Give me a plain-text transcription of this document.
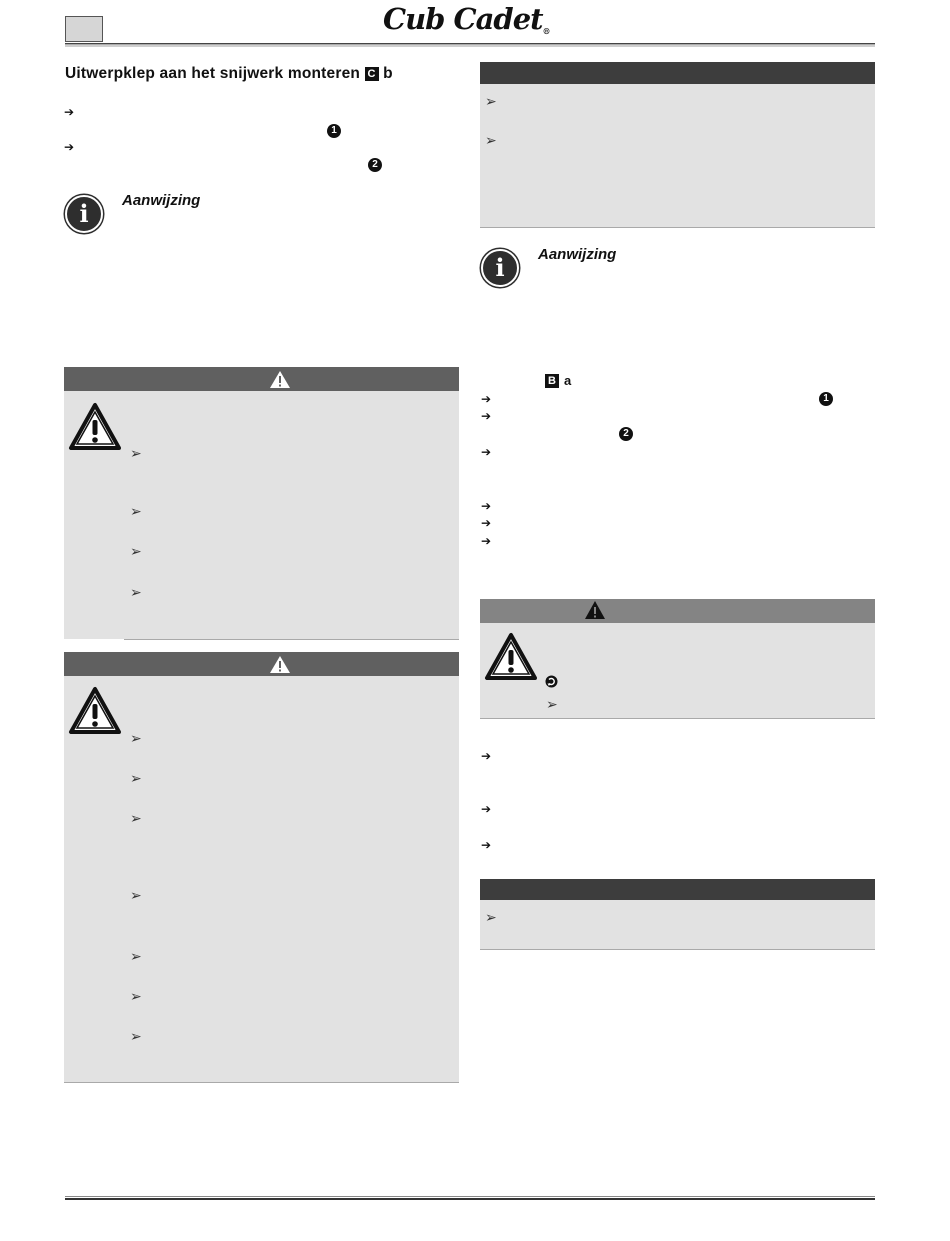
Cub Cadet®
Uitwerpklep aan het snijwerk monteren C b
➔
1
➔
2
i	Aanwijzing
➢
➢
➢
➢
➢
➢
➢
➢
➢
➢
➢
➢
➢
i	Aanwijzing
B a
➔	1
➔
2
➔
➔
➔
➔
➢
➔
➔
➔
➢
